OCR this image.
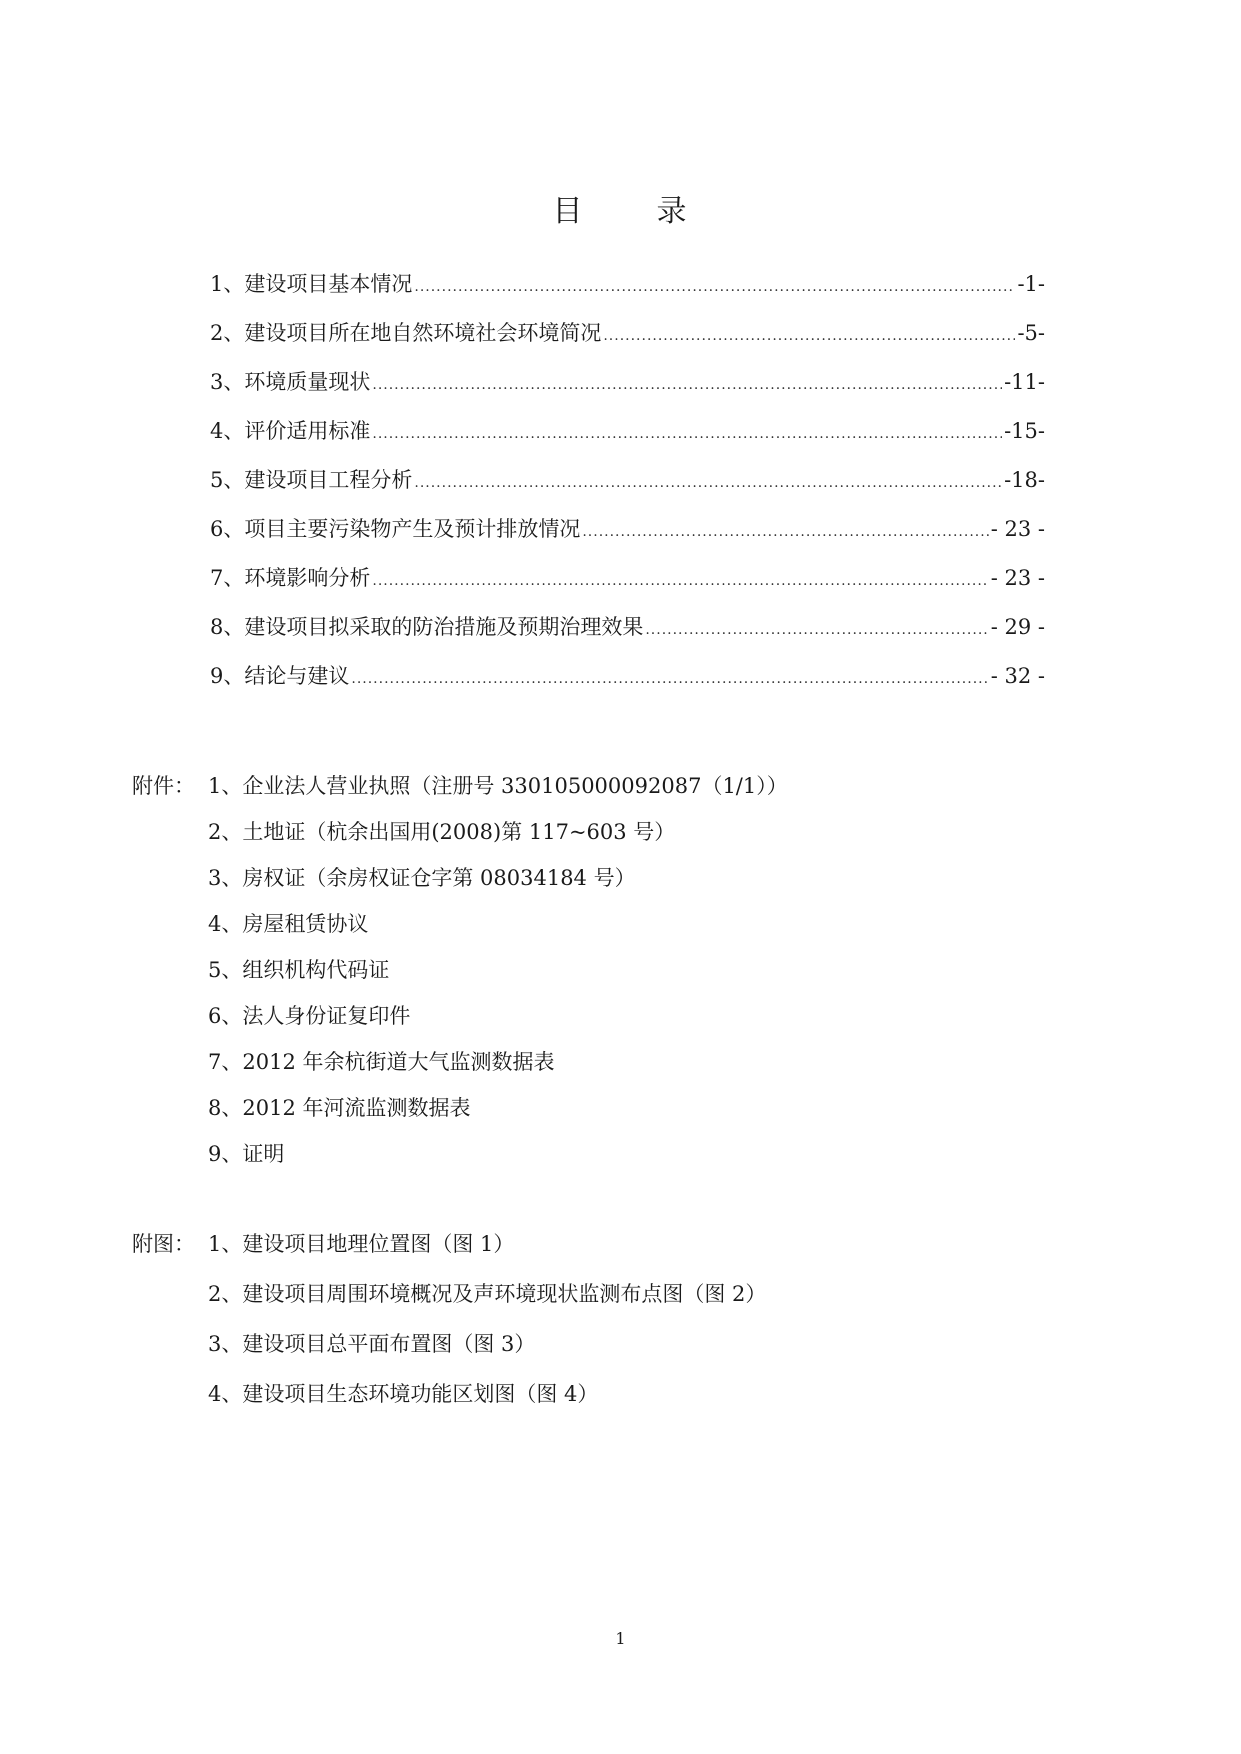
目 录
1、建设项目基本情况 .....	-1-
2、建设项目所在地自然环境社会环境简况 .....	-5-
3、环境质量现状 .....	-11-
4、评价适用标准 .....	-15-
5、建设项目工程分析 .....	-18-
6、项目主要污染物产生及预计排放情况 .....	- 23 -
7、环境影响分析 .....	- 23 -
8、建设项目拟采取的防治措施及预期治理效果 .....	- 29 -
9、结论与建议 .....	- 32 -
附件： 1、企业法人营业执照（注册号 330105000092087（1/1））
2、土地证（杭余出国用(2008)第 117~603 号）
3、房权证（余房权证仓字第 08034184 号）
4、房屋租赁协议
5、组织机构代码证
6、法人身份证复印件
7、2012 年余杭街道大气监测数据表
8、2012 年河流监测数据表
9、证明
附图： 1、建设项目地理位置图（图 1）
2、建设项目周围环境概况及声环境现状监测布点图（图 2）
3、建设项目总平面布置图（图 3）
4、建设项目生态环境功能区划图（图 4）
1
